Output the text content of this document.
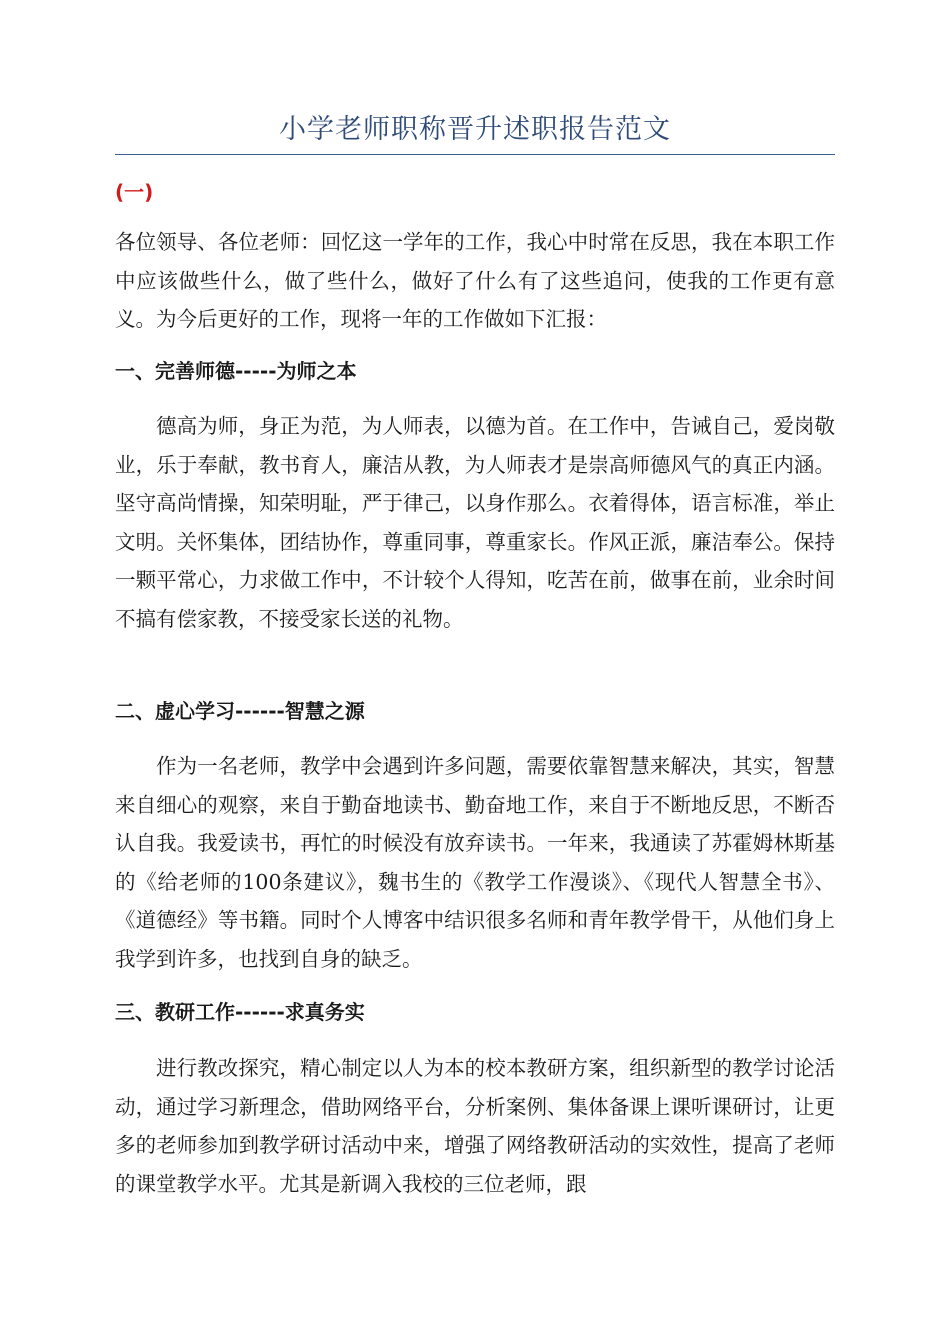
小学老师职称晋升述职报告范文
(一)

各位领导、各位老师：回忆这一学年的工作，我心中时常在反思，我在本职工作中应该做些什么，做了些什么，做好了什么有了这些追问，使我的工作更有意义。为今后更好的工作，现将一年的工作做如下汇报：

一、完善师德-----为师之本

德高为师，身正为范，为人师表，以德为首。在工作中，告诫自己，爱岗敬业，乐于奉献，教书育人，廉洁从教，为人师表才是崇高师德风气的真正内涵。坚守高尚情操，知荣明耻，严于律己，以身作那么。衣着得体，语言标准，举止文明。关怀集体，团结协作，尊重同事，尊重家长。作风正派，廉洁奉公。保持一颗平常心，力求做工作中，不计较个人得知，吃苦在前，做事在前，业余时间不搞有偿家教，不接受家长送的礼物。

二、虚心学习------智慧之源

作为一名老师，教学中会遇到许多问题，需要依靠智慧来解决，其实，智慧来自细心的观察，来自于勤奋地读书、勤奋地工作，来自于不断地反思，不断否认自我。我爱读书，再忙的时候没有放弃读书。一年来，我通读了苏霍姆林斯基的《给老师的100条建议》，魏书生的《教学工作漫谈》、《现代人智慧全书》、《道德经》等书籍。同时个人博客中结识很多名师和青年教学骨干，从他们身上我学到许多，也找到自身的缺乏。

三、教研工作------求真务实

进行教改探究，精心制定以人为本的校本教研方案，组织新型的教学讨论活动，通过学习新理念，借助网络平台，分析案例、集体备课上课听课研讨，让更多的老师参加到教学研讨活动中来，增强了网络教研活动的实效性，提高了老师的课堂教学水平。尤其是新调入我校的三位老师，跟
